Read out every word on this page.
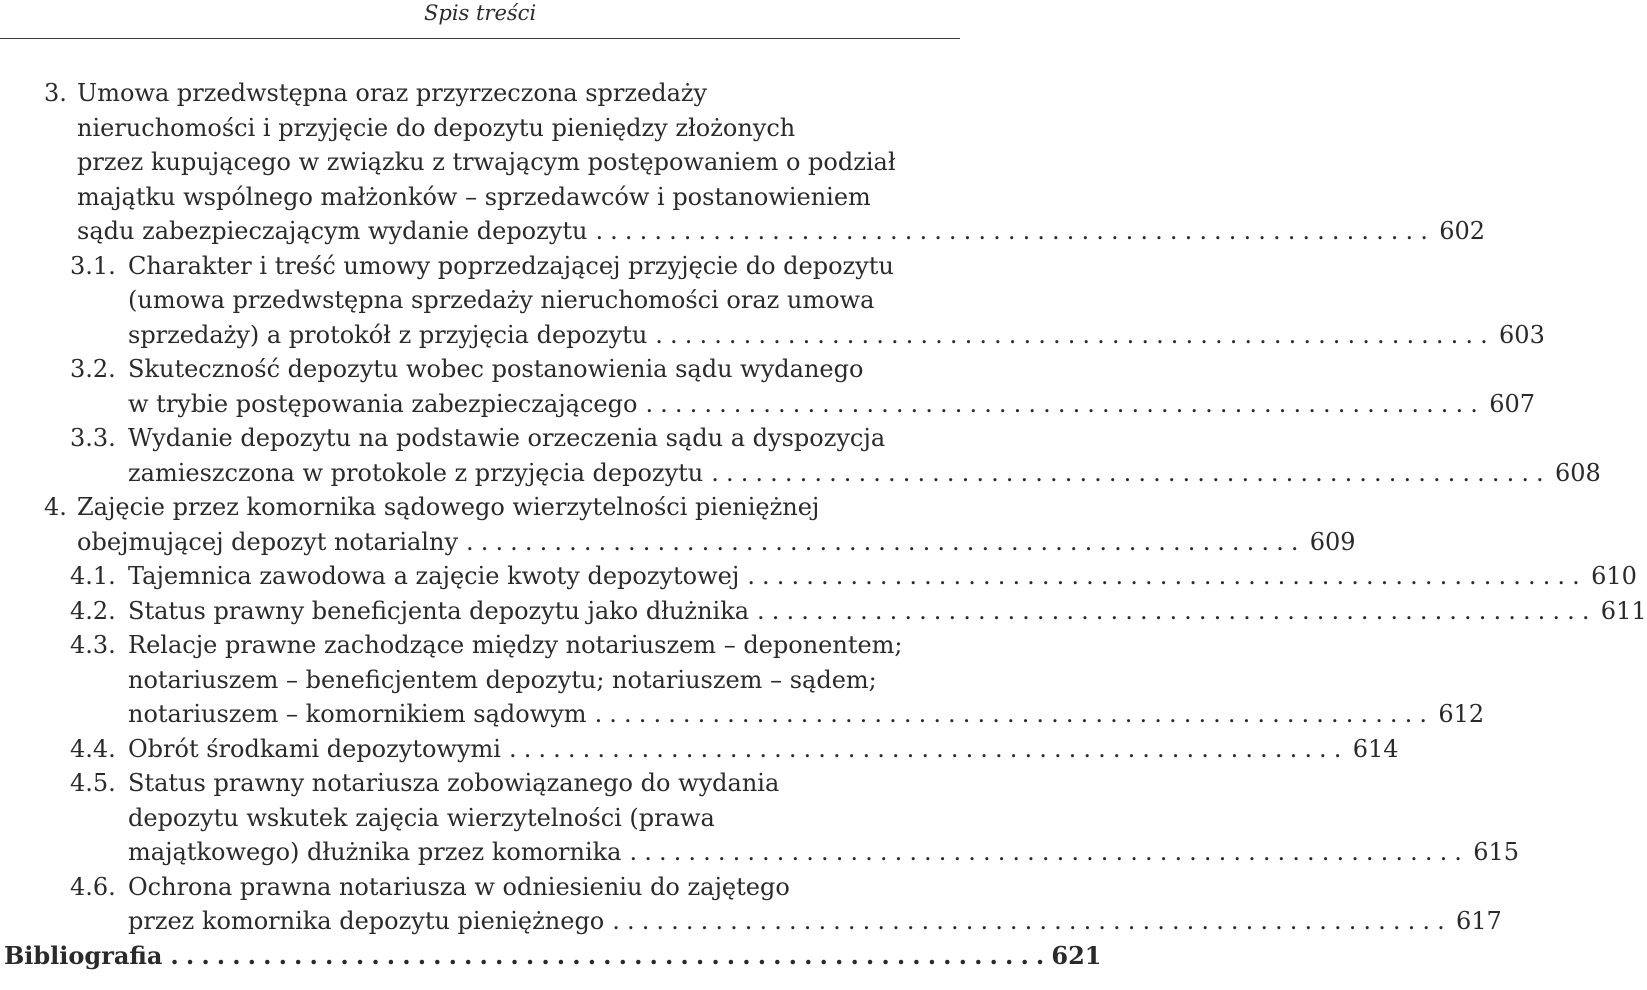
Spis treści
3. Umowa przedwstępna oraz przyrzeczona sprzedaży
nieruchomości i przyjęcie do depozytu pieniędzy złożonych
przez kupującego w związku z trwającym postępowaniem o podział
majątku wspólnego małżonków – sprzedawców i postanowieniem
sądu zabezpieczającym wydanie depozytu ......................................................... 602
3.1. Charakter i treść umowy poprzedzającej przyjęcie do depozytu
(umowa przedwstępna sprzedaży nieruchomości oraz umowa
sprzedaży) a protokół z przyjęcia depozytu ......................................................... 603
3.2. Skuteczność depozytu wobec postanowienia sądu wydanego
w trybie postępowania zabezpieczającego ......................................................... 607
3.3. Wydanie depozytu na podstawie orzeczenia sądu a dyspozycja
zamieszczona w protokole z przyjęcia depozytu ......................................................... 608
4. Zajęcie przez komornika sądowego wierzytelności pieniężnej
obejmującej depozyt notarialny ......................................................... 609
4.1. Tajemnica zawodowa a zajęcie kwoty depozytowej ......................................................... 610
4.2. Status prawny beneficjenta depozytu jako dłużnika ......................................................... 611
4.3. Relacje prawne zachodzące między notariuszem – deponentem;
notariuszem – beneficjentem depozytu; notariuszem – sądem;
notariuszem – komornikiem sądowym ......................................................... 612
4.4. Obrót środkami depozytowymi ......................................................... 614
4.5. Status prawny notariusza zobowiązanego do wydania
depozytu wskutek zajęcia wierzytelności (prawa
majątkowego) dłużnika przez komornika ......................................................... 615
4.6. Ochrona prawna notariusza w odniesieniu do zajętego
przez komornika depozytu pieniężnego ......................................................... 617
Bibliografia ......................................................... 621
